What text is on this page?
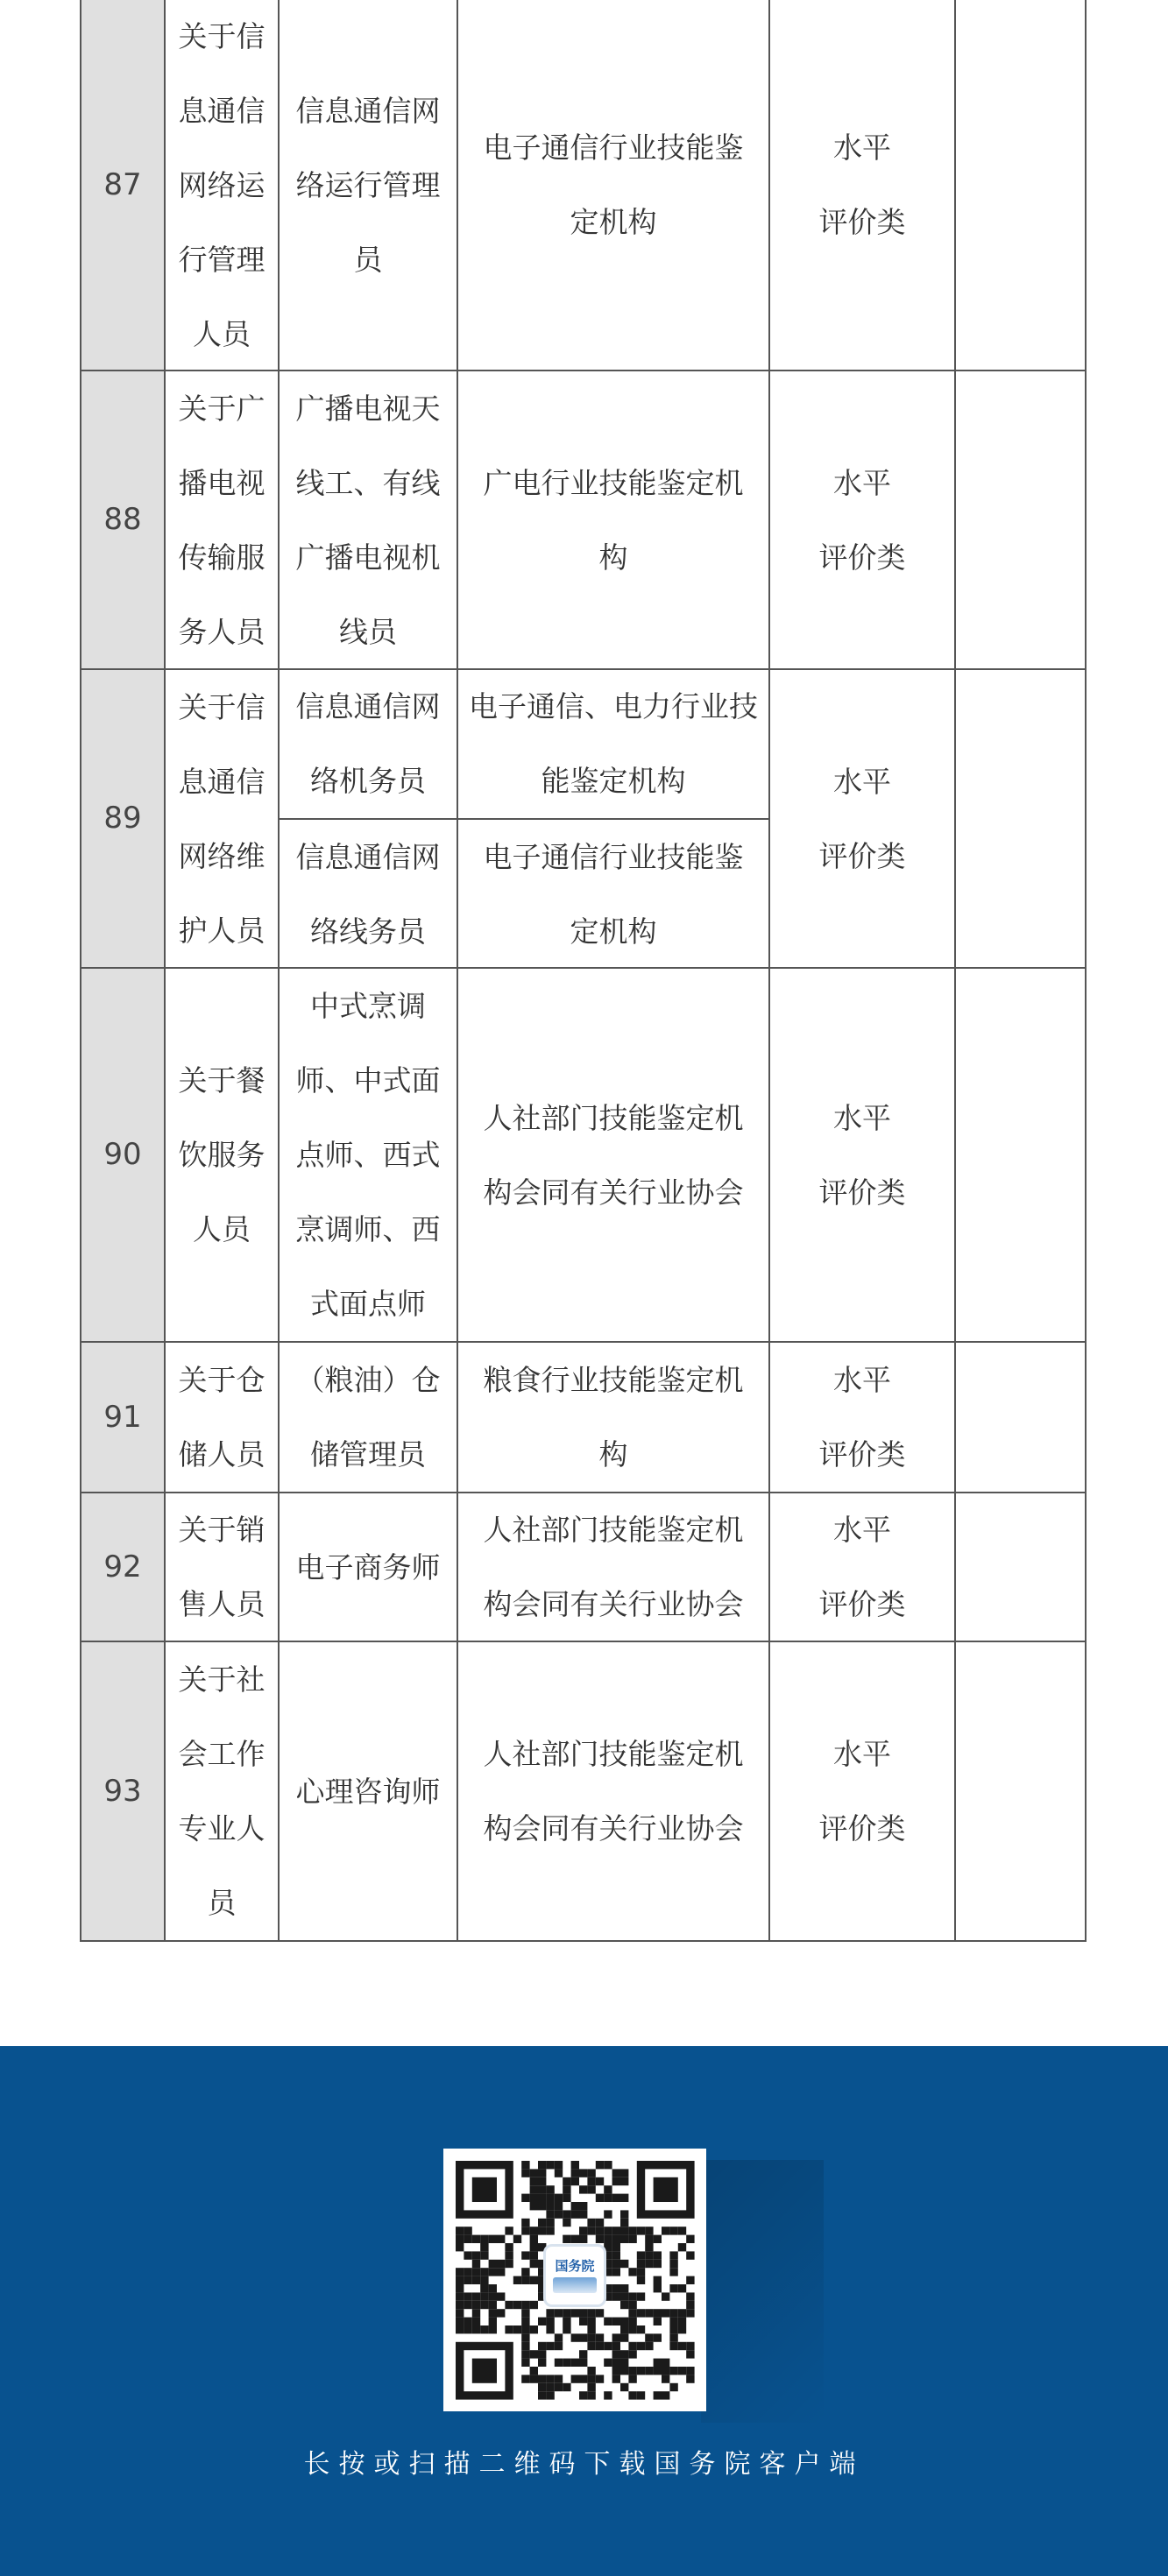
87
关于信
息通信
网络运
行管理
人员
信息通信网
络运行管理
员
电子通信行业技能鉴
定机构
水平
评价类
88
关于广
播电视
传输服
务人员
广播电视天
线工、有线
广播电视机
线员
广电行业技能鉴定机
构
水平
评价类
89
关于信
息通信
网络维
护人员
信息通信网
络机务员
电子通信、电力行业技
能鉴定机构
信息通信网
络线务员
电子通信行业技能鉴
定机构
水平
评价类
90
关于餐
饮服务
人员
中式烹调
师、中式面
点师、西式
烹调师、西
式面点师
人社部门技能鉴定机
构会同有关行业协会
水平
评价类
91
关于仓
储人员
（粮油）仓
储管理员
粮食行业技能鉴定机
构
水平
评价类
92
关于销
售人员
电子商务师
人社部门技能鉴定机
构会同有关行业协会
水平
评价类
93
关于社
会工作
专业人
员
心理咨询师
人社部门技能鉴定机
构会同有关行业协会
水平
评价类
国务院
长按或扫描二维码下载国务院客户端
